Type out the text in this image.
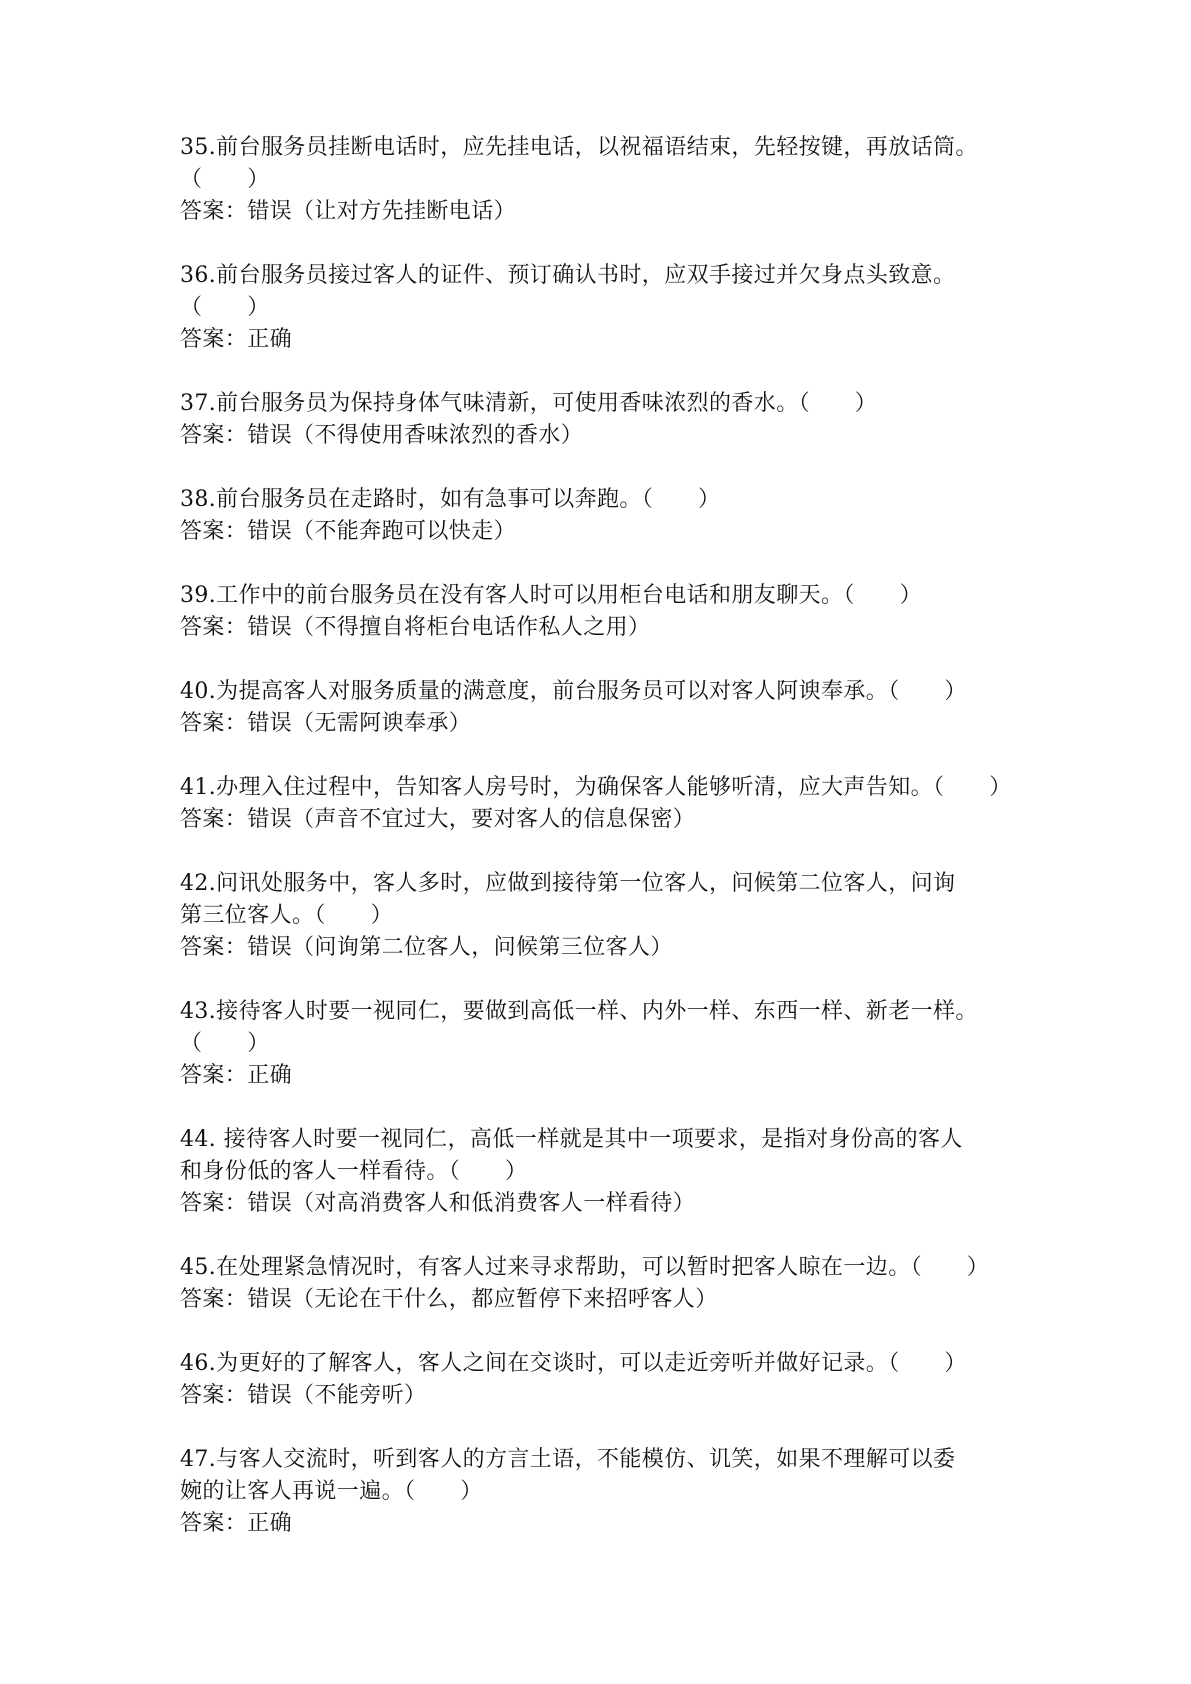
35.前台服务员挂断电话时，应先挂电话，以祝福语结束，先轻按键，再放话筒。
（　　）
答案：错误（让对方先挂断电话）
36.前台服务员接过客人的证件、预订确认书时，应双手接过并欠身点头致意。
（　　）
答案：正确
37.前台服务员为保持身体气味清新，可使用香味浓烈的香水。（　　）
答案：错误（不得使用香味浓烈的香水）
38.前台服务员在走路时，如有急事可以奔跑。（　　）
答案：错误（不能奔跑可以快走）
39.工作中的前台服务员在没有客人时可以用柜台电话和朋友聊天。（　　）
答案：错误（不得擅自将柜台电话作私人之用）
40.为提高客人对服务质量的满意度，前台服务员可以对客人阿谀奉承。（　　）
答案：错误（无需阿谀奉承）
41.办理入住过程中，告知客人房号时，为确保客人能够听清，应大声告知。（　　）
答案：错误（声音不宜过大，要对客人的信息保密）
42.问讯处服务中，客人多时，应做到接待第一位客人，问候第二位客人，问询
第三位客人。（　　）
答案：错误（问询第二位客人，问候第三位客人）
43.接待客人时要一视同仁，要做到高低一样、内外一样、东西一样、新老一样。
（　　）
答案：正确
44. 接待客人时要一视同仁，高低一样就是其中一项要求，是指对身份高的客人
和身份低的客人一样看待。（　　）
答案：错误（对高消费客人和低消费客人一样看待）
45.在处理紧急情况时，有客人过来寻求帮助，可以暂时把客人晾在一边。（　　）
答案：错误（无论在干什么，都应暂停下来招呼客人）
46.为更好的了解客人，客人之间在交谈时，可以走近旁听并做好记录。（　　）
答案：错误（不能旁听）
47.与客人交流时，听到客人的方言土语，不能模仿、讥笑，如果不理解可以委
婉的让客人再说一遍。（　　）
答案：正确
